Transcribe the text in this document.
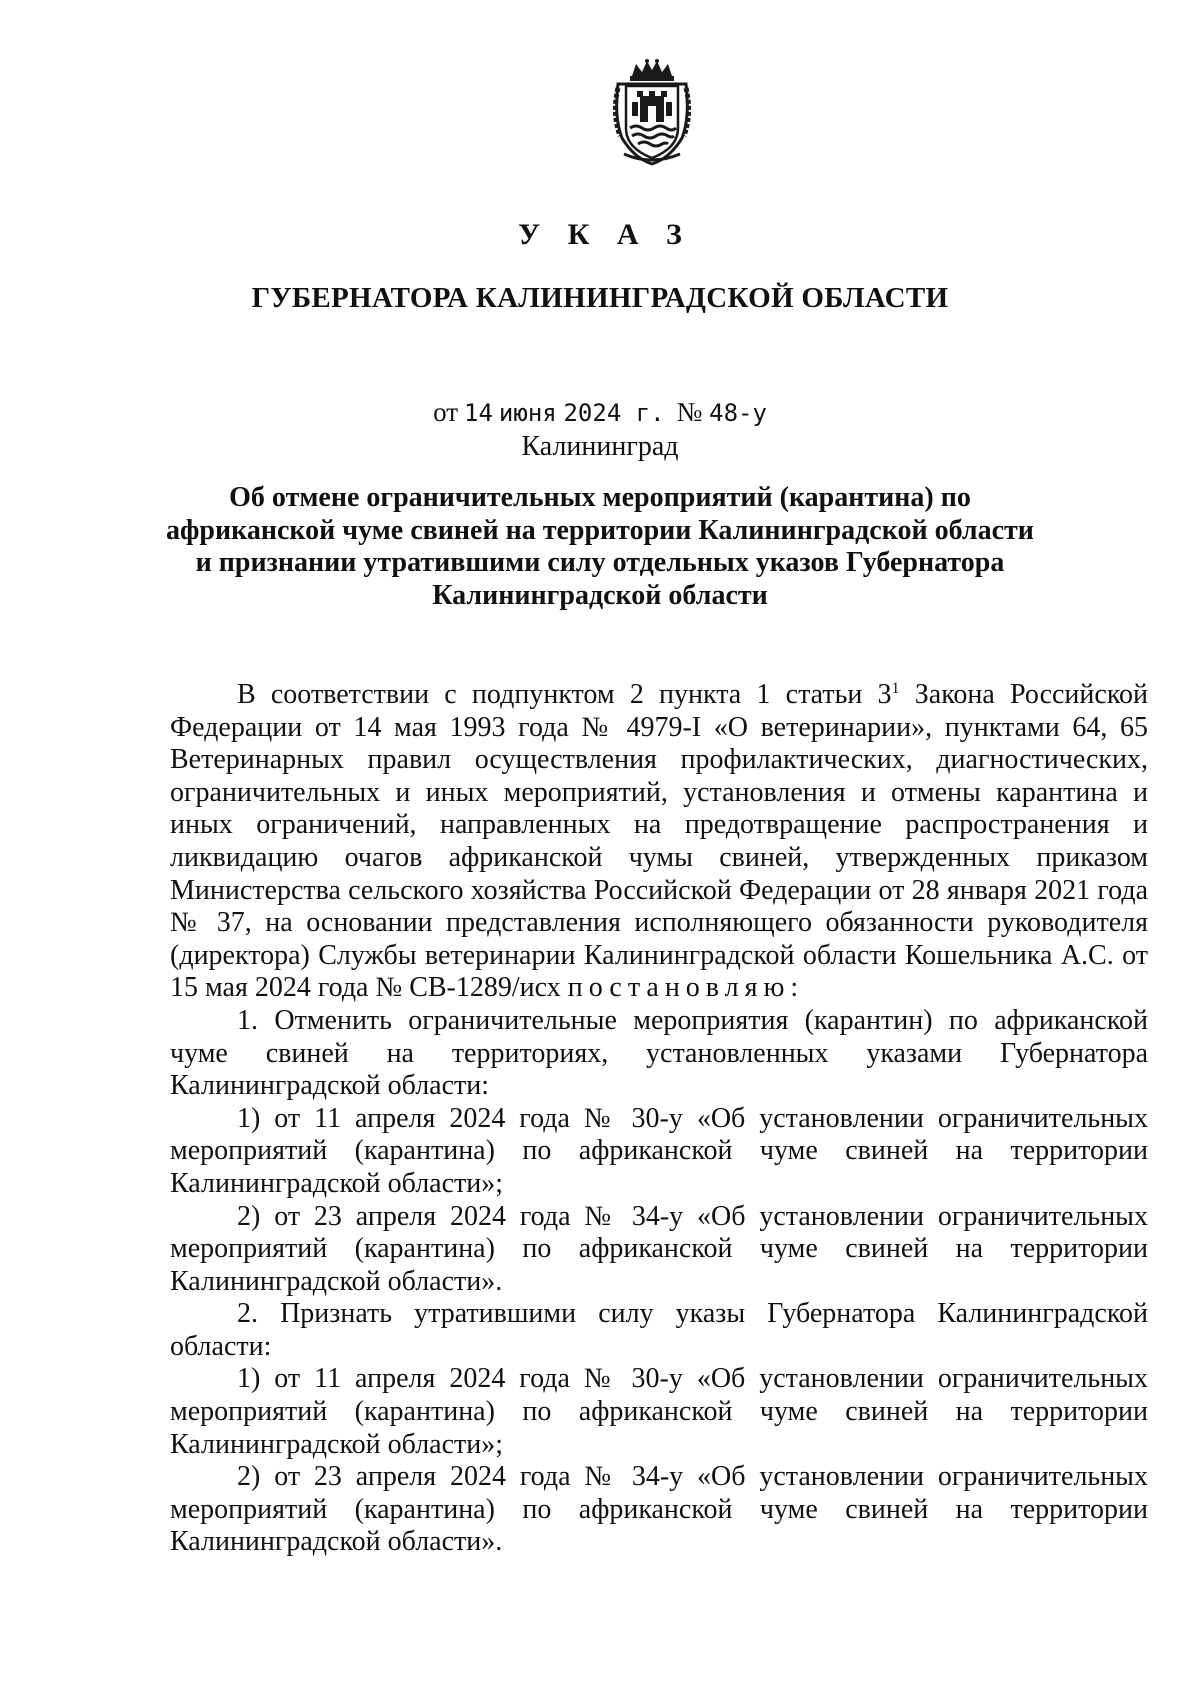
У К А З
ГУБЕРНАТОРА КАЛИНИНГРАДСКОЙ ОБЛАСТИ
от 14 июня 2024 г. № 48-у
Калининград
Об отмене ограничительных мероприятий (карантина) по африканской чуме свиней на территории Калининградской области и признании утратившими силу отдельных указов Губернатора Калининградской области

В соответствии с подпунктом 2 пункта 1 статьи $3^1$ Закона Российской Федерации от 14 мая 1993 года № 4979-I «О ветеринарии», пунктами 64, 65 Ветеринарных правил осуществления профилактических, диагностических, ограничительных и иных мероприятий, установления и отмены карантина и иных ограничений, направленных на предотвращение распространения и ликвидацию очагов африканской чумы свиней, утвержденных приказом Министерства сельского хозяйства Российской Федерации от 28 января 2021 года № 37, на основании представления исполняющего обязанности руководителя (директора) Службы ветеринарии Калининградской области Кошельника А.С. от 15 мая 2024 года № СВ-1289/исх постановляю:

1. Отменить ограничительные мероприятия (карантин) по африканской чуме свиней на территориях, установленных указами Губернатора Калининградской области:

1) от 11 апреля 2024 года № 30-у «Об установлении ограничительных мероприятий (карантина) по африканской чуме свиней на территории Калининградской области»;

2) от 23 апреля 2024 года № 34-у «Об установлении ограничительных мероприятий (карантина) по африканской чуме свиней на территории Калининградской области».

2. Признать утратившими силу указы Губернатора Калининградской области:

1) от 11 апреля 2024 года № 30-у «Об установлении ограничительных мероприятий (карантина) по африканской чуме свиней на территории Калининградской области»;

2) от 23 апреля 2024 года № 34-у «Об установлении ограничительных мероприятий (карантина) по африканской чуме свиней на территории Калининградской области».
